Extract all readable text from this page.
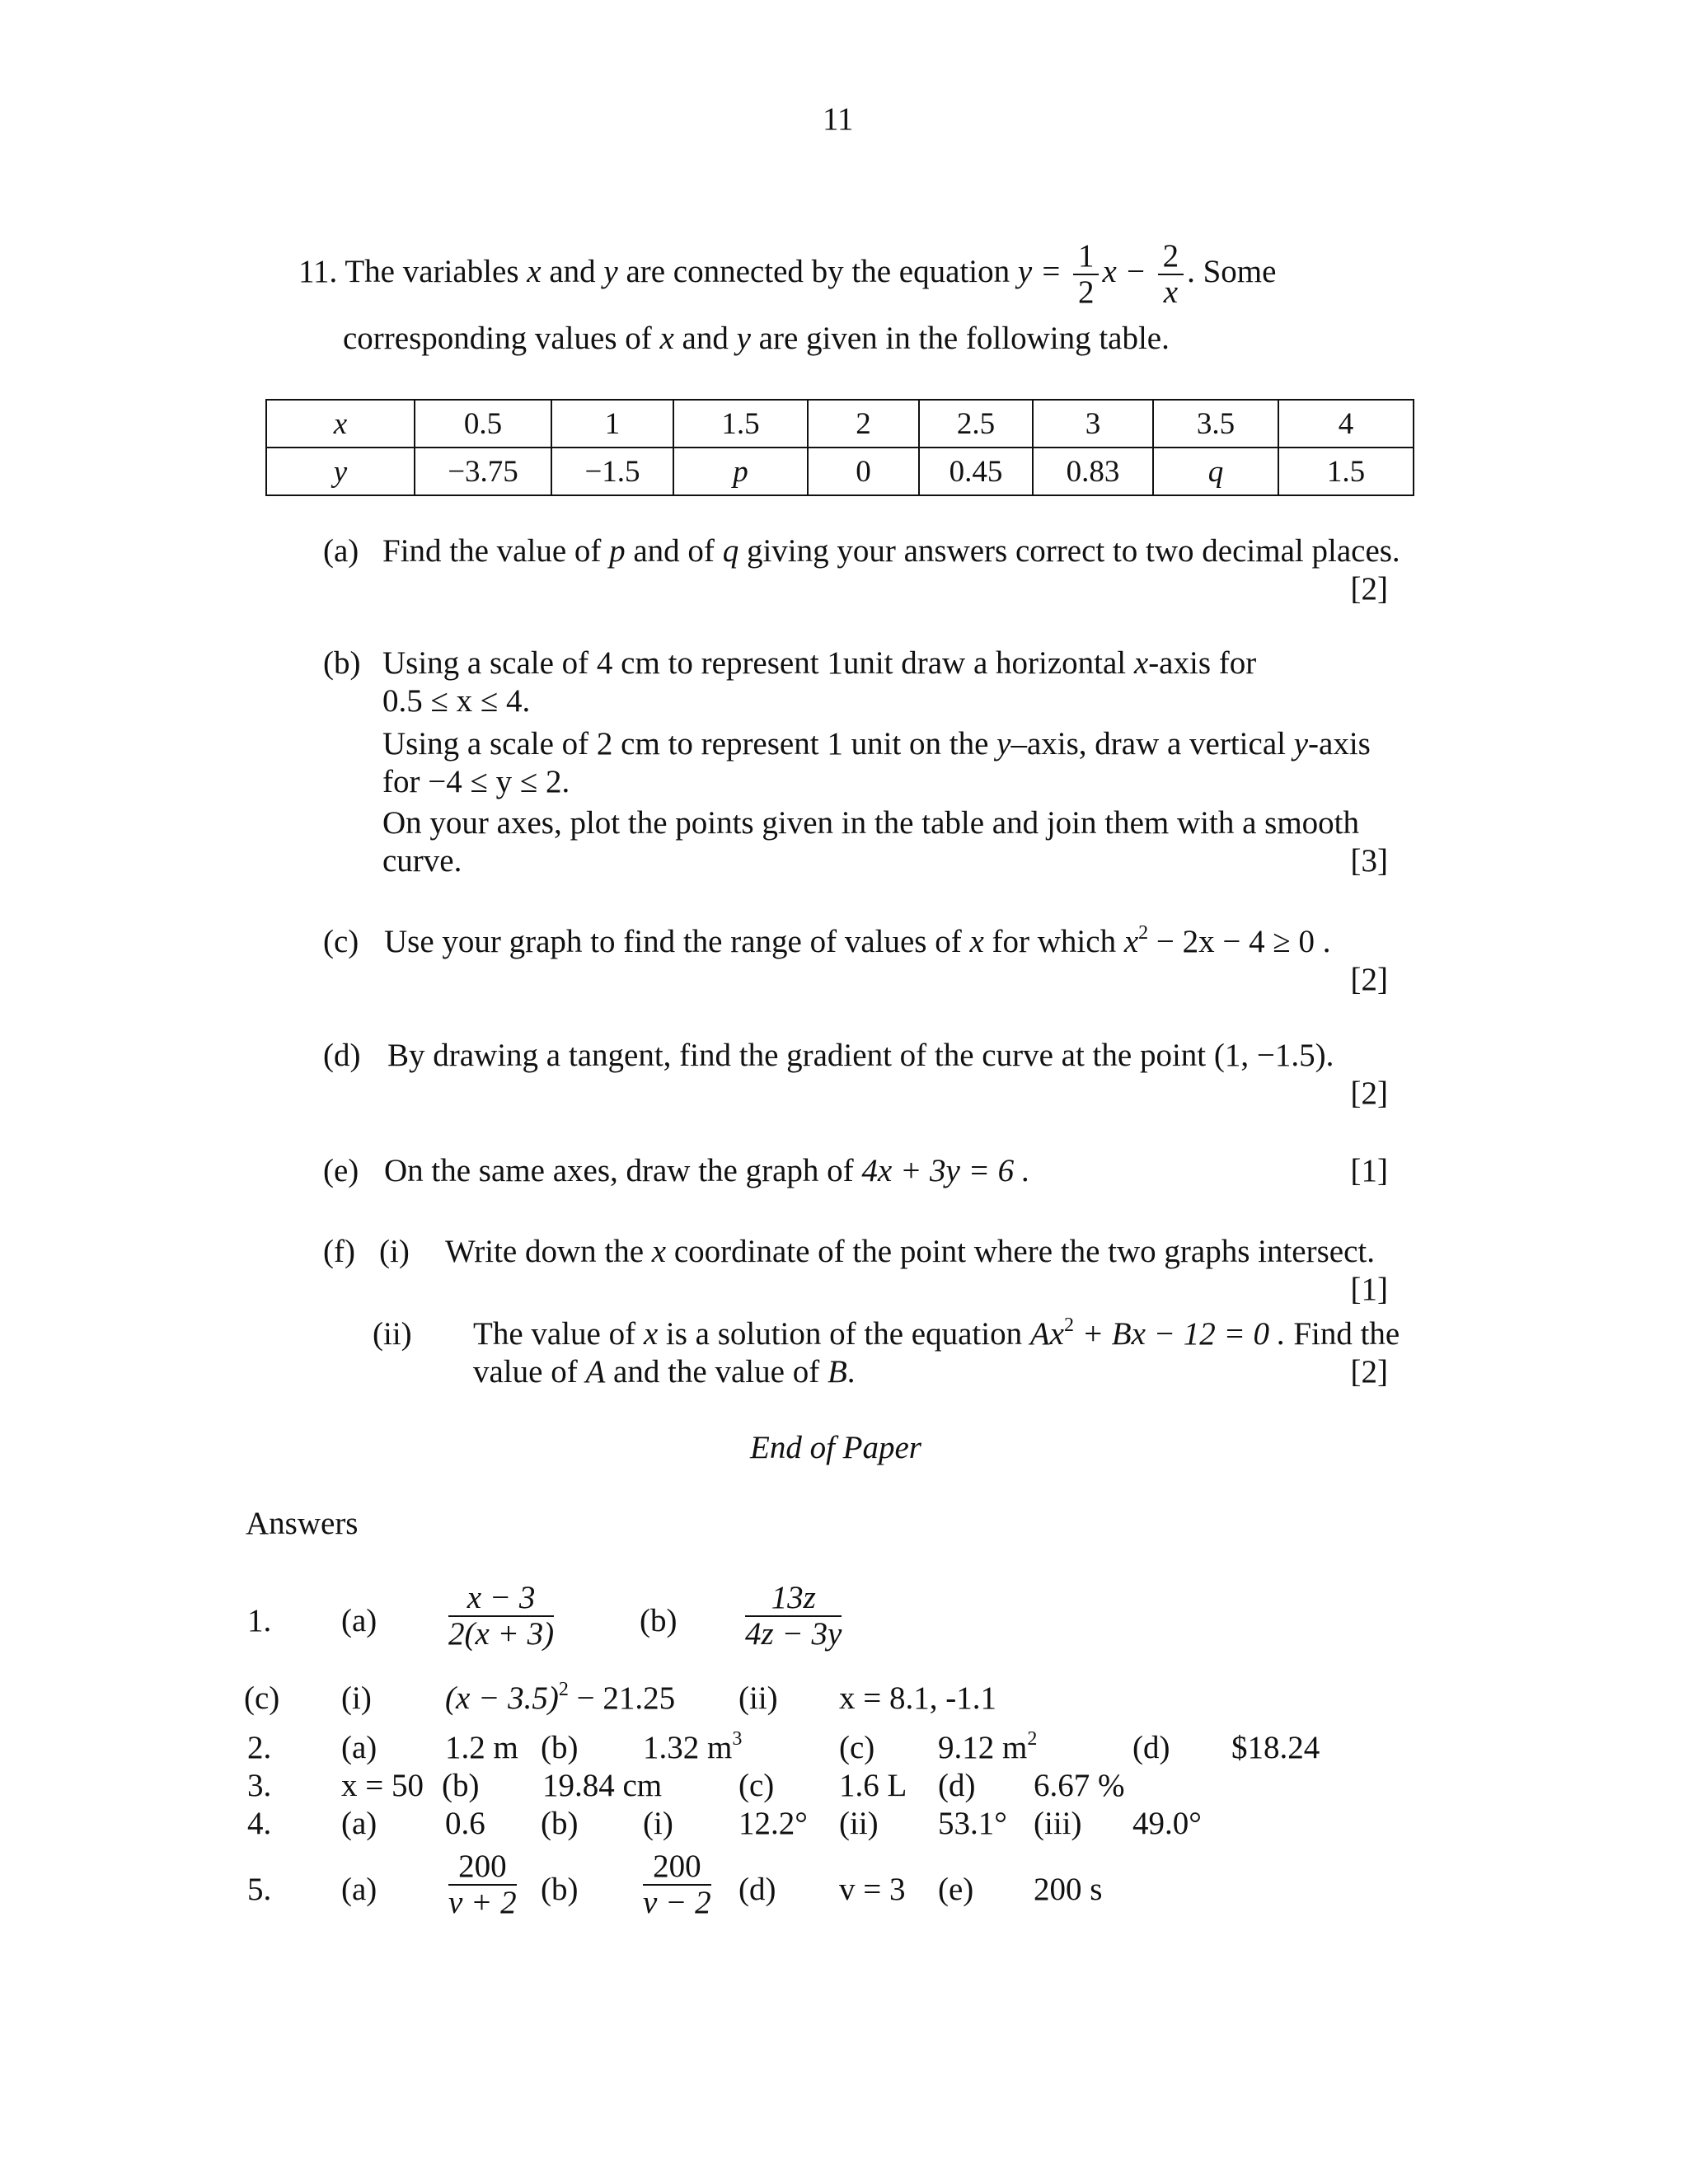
11
11. The variables x and y are connected by the equation $y = \frac{1}{2}$ $x - \frac{2}{x}$ . Some
corresponding values of x and y are given in the following table.
x	0.5	1	1.5	2	2.5	3	3.5	4
y	−3.75	−1.5	p	0	0.45	0.83	q	1.5
(a) Find the value of p and of q giving your answers correct to two decimal places.
[2]
(b) Using a scale of 4 cm to represent 1unit draw a horizontal x-axis for
0.5 ≤ x ≤ 4.
Using a scale of 2 cm to represent 1 unit on the y–axis, draw a vertical y-axis
for −4 ≤ y ≤ 2.
On your axes, plot the points given in the table and join them with a smooth
curve.	[3]
(c) Use your graph to find the range of values of x for which $x^2 - 2x - 4 \ge 0$ .
[2]
(d) By drawing a tangent, find the gradient of the curve at the point (1, −1.5).
[2]
(e) On the same axes, draw the graph of 4x + 3y = 6 .	[1]
(f) (i) Write down the x coordinate of the point where the two graphs intersect.
[1]
(ii) The value of x is a solution of the equation $Ax^2 + Bx - 12 = 0$ . Find the
value of A and the value of B.	[2]
End of Paper
Answers
1. $(a) \frac{x - 3}{2(x + 3)}$	$(b) \frac{13z}{4z - 3y}$
(c) (i) $(x - 3.5)^2 - 21.25$ (ii) x = 8.1, -1.1
2. (a) 1.2 m (b) 1.32 $m^3$	(c) 9.12 $m^2$	(d) $18.24
3. x = 50 (b) 19.84 cm (c) 1.6 L (d) 6.67 %
4. (a) 0.6 (b) (i) 12.2° (ii) 53.1° (iii) 49.0°
5. $(a) \frac{200}{v + 2} (b) \frac{200}{v - 2} (d) v = 3$ (e) 200 s
